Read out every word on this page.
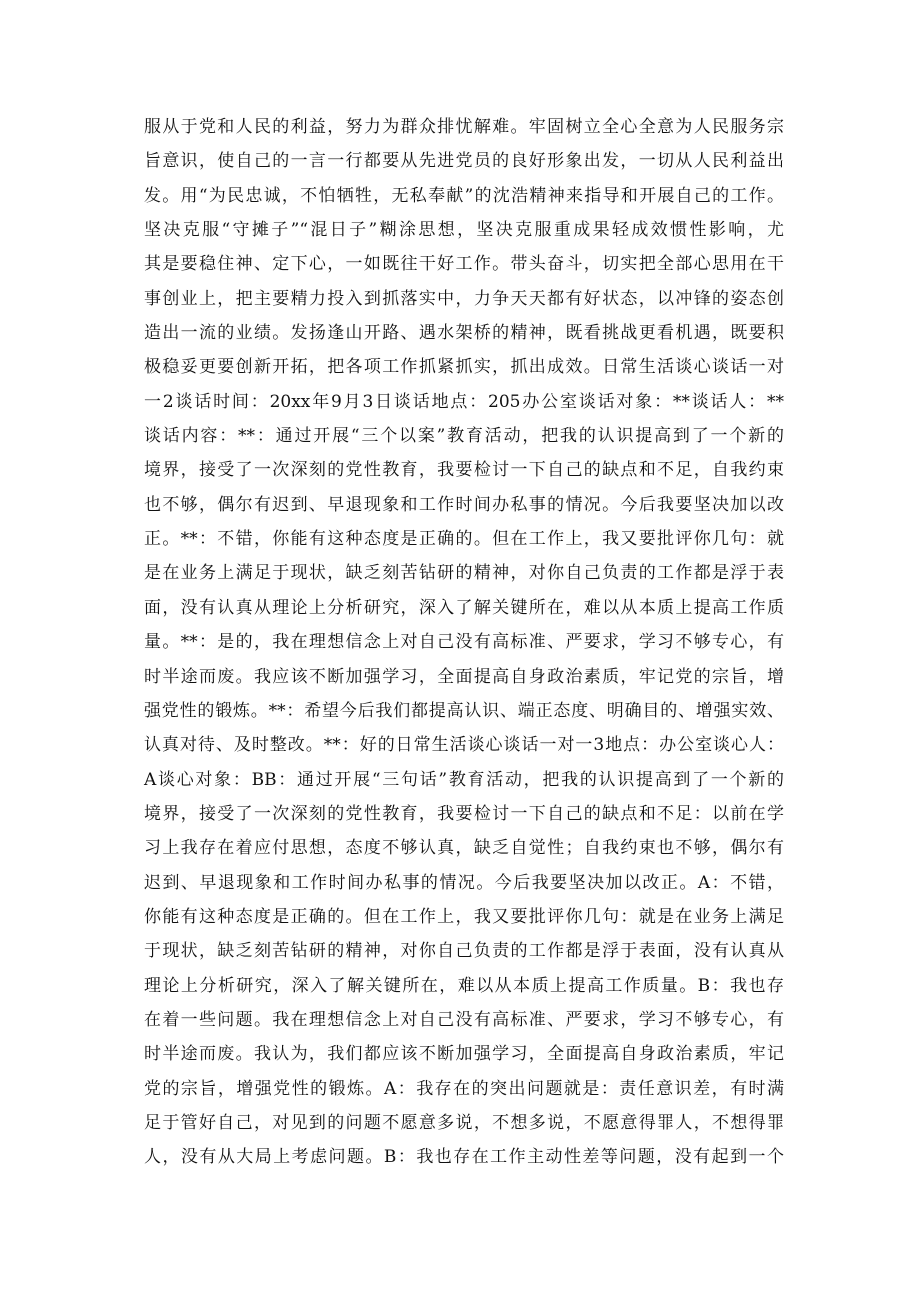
服从于党和人民的利益，努力为群众排忧解难。牢固树立全心全意为人民服务宗
旨意识，使自己的一言一行都要从先进党员的良好形象出发，一切从人民利益出
发。用“为民忠诚，不怕牺牲，无私奉献”的沈浩精神来指导和开展自己的工作。
坚决克服“守摊子”“混日子”糊涂思想，坚决克服重成果轻成效惯性影响，尤
其是要稳住神、定下心，一如既往干好工作。带头奋斗，切实把全部心思用在干
事创业上，把主要精力投入到抓落实中，力争天天都有好状态，以冲锋的姿态创
造出一流的业绩。发扬逢山开路、遇水架桥的精神，既看挑战更看机遇，既要积
极稳妥更要创新开拓，把各项工作抓紧抓实，抓出成效。日常生活谈心谈话一对
一2谈话时间：20xx年9月3日谈话地点：205办公室谈话对象：**谈话人：**
谈话内容：**：通过开展“三个以案”教育活动，把我的认识提高到了一个新的
境界，接受了一次深刻的党性教育，我要检讨一下自己的缺点和不足，自我约束
也不够，偶尔有迟到、早退现象和工作时间办私事的情况。今后我要坚决加以改
正。**：不错，你能有这种态度是正确的。但在工作上，我又要批评你几句：就
是在业务上满足于现状，缺乏刻苦钻研的精神，对你自己负责的工作都是浮于表
面，没有认真从理论上分析研究，深入了解关键所在，难以从本质上提高工作质
量。**：是的，我在理想信念上对自己没有高标准、严要求，学习不够专心，有
时半途而废。我应该不断加强学习，全面提高自身政治素质，牢记党的宗旨，增
强党性的锻炼。**：希望今后我们都提高认识、端正态度、明确目的、增强实效、
认真对待、及时整改。**：好的日常生活谈心谈话一对一3地点：办公室谈心人：
A谈心对象：BB：通过开展“三句话”教育活动，把我的认识提高到了一个新的
境界，接受了一次深刻的党性教育，我要检讨一下自己的缺点和不足：以前在学
习上我存在着应付思想，态度不够认真，缺乏自觉性；自我约束也不够，偶尔有
迟到、早退现象和工作时间办私事的情况。今后我要坚决加以改正。A：不错，
你能有这种态度是正确的。但在工作上，我又要批评你几句：就是在业务上满足
于现状，缺乏刻苦钻研的精神，对你自己负责的工作都是浮于表面，没有认真从
理论上分析研究，深入了解关键所在，难以从本质上提高工作质量。B：我也存
在着一些问题。我在理想信念上对自己没有高标准、严要求，学习不够专心，有
时半途而废。我认为，我们都应该不断加强学习，全面提高自身政治素质，牢记
党的宗旨，增强党性的锻炼。A：我存在的突出问题就是：责任意识差，有时满
足于管好自己，对见到的问题不愿意多说，不想多说，不愿意得罪人，不想得罪
人，没有从大局上考虑问题。B：我也存在工作主动性差等问题，没有起到一个
